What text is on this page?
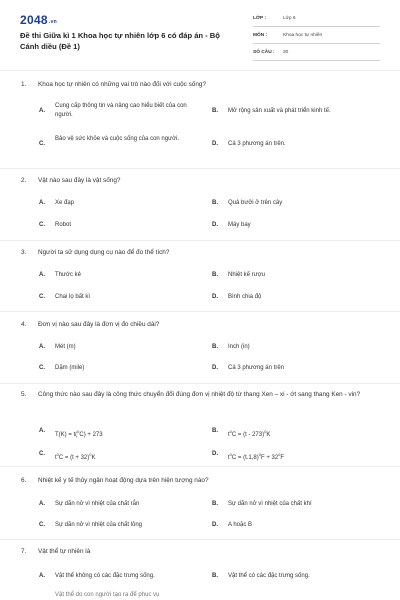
2048.vn
Đề thi Giữa kì 1 Khoa học tự nhiên lớp 6 có đáp án - Bộ Cánh diều (Đề 1)
LỚP :	Lớp 6
MÔN :	Khoa học tự nhiên
SỐ CÂU : 30
1. Khoa học tự nhiên có những vai trò nào đối với cuộc sống?
A.
Cung cấp thông tin và nâng cao hiểu biết của con người.
B. Mở rộng sản xuất và phát triển kinh tế.
C.
Bảo vệ sức khỏe và cuộc sống của con người.
D. Cả 3 phương án trên.
2. Vật nào sau đây là vật sống?
A. Xe đạp	B. Quả bưởi ở trên cây
C. Robot	D. Máy bay
3. Người ta sử dụng dụng cụ nào để đo thể tích?
A. Thước kẻ	B. Nhiệt kế rượu
C. Chai lọ bất kì	D. Bình chia độ
4. Đơn vị nào sau đây là đơn vị đo chiều dài?
A. Mét (m)	B. Inch (in)
C. Dặm (mile)	D. Cả 3 phương án trên
5. Công thức nào sau đây là công thức chuyển đổi đúng đơn vị nhiệt độ từ thang Xen – xi - ớt sang thang Ken - vin?
A.
T(K) = t($^0$C) + 273
B.
$t^0C = (t - 273)^0K$
C.
$t^0C = (t + 32)^0K$
D.
$t^0C = (t.1,8)^0F + 32^0F$
6. Nhiệt kế y tế thủy ngân hoạt động dựa trên hiện tượng nào?
A. Sự dãn nở vì nhiệt của chất rắn	B. Sự dãn nở vì nhiệt của chất khí
C. Sự dãn nở vì nhiệt của chất lỏng	D. A hoặc B
7. Vật thể tự nhiên là
A. Vật thể không có các đặc trưng sống.	B. Vật thể có các đặc trưng sống.
Vật thể do con người tạo ra để phục vụ
